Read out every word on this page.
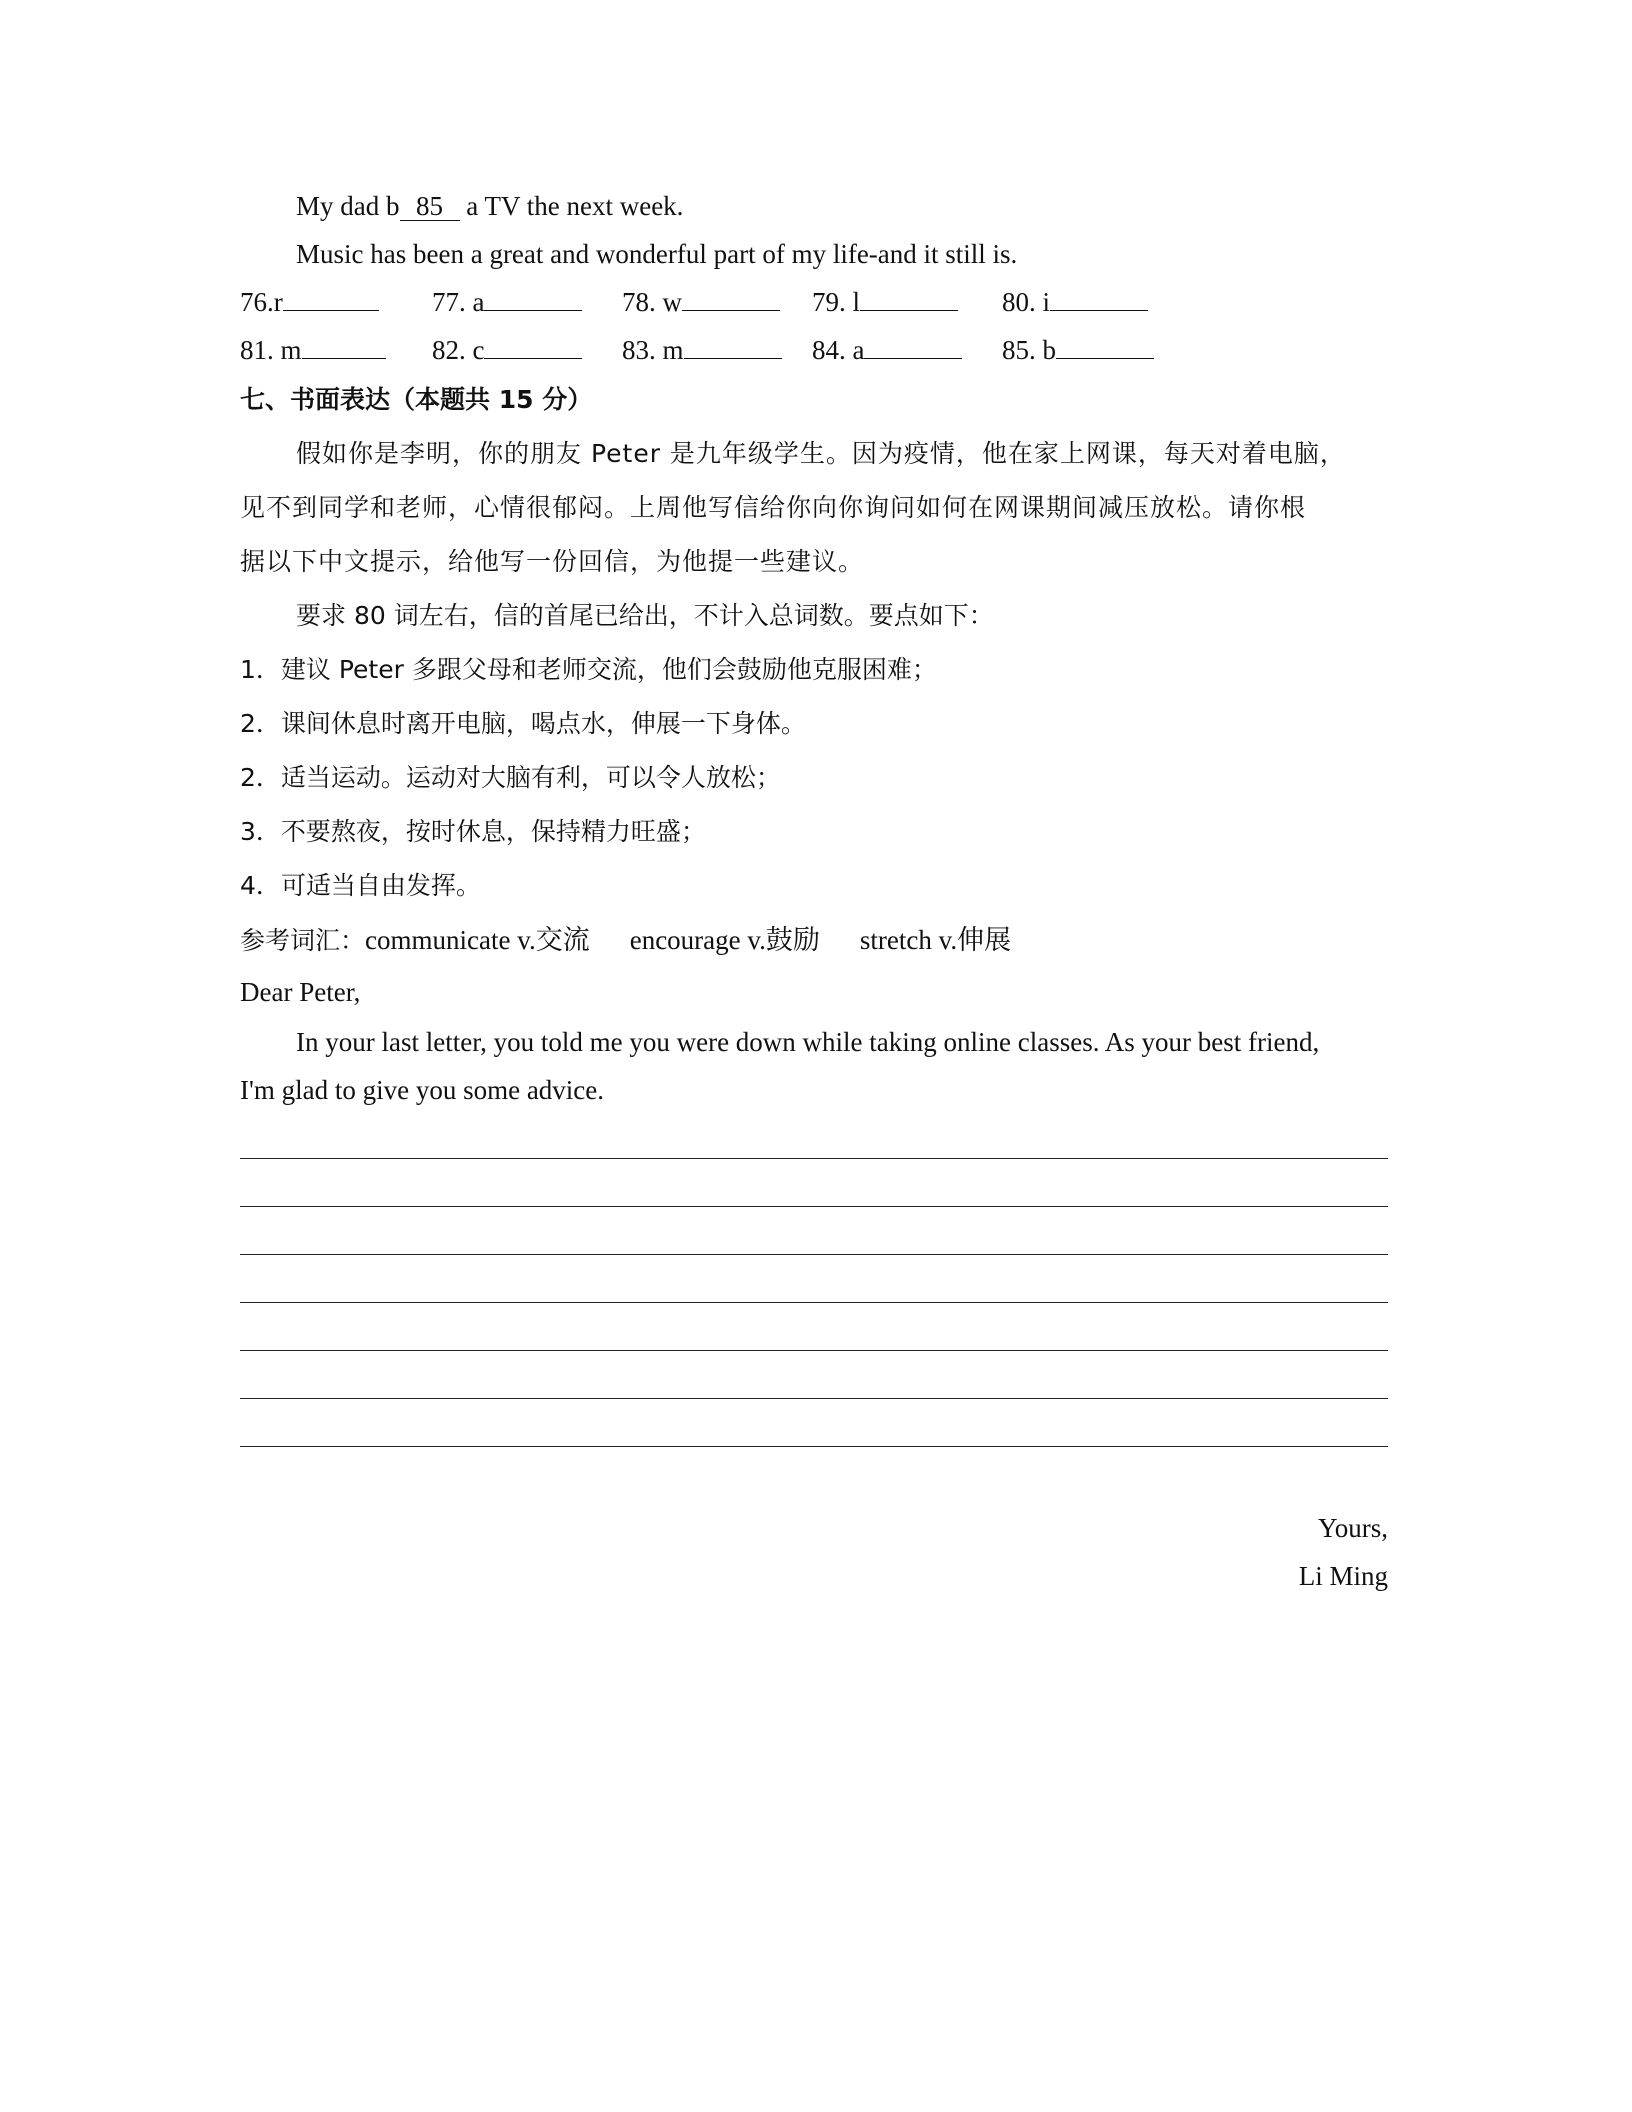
My dad b 85 a TV the next week.
Music has been a great and wonderful part of my life-and it still is.
76.r	77. a	78. w	79. l	80. i
81. m	82. c	83. m	84. a	85. b
七、书面表达（本题共 15 分）
假如你是李明，你的朋友 Peter 是九年级学生。因为疫情，他在家上网课，每天对着电脑，
见不到同学和老师，心情很郁闷。上周他写信给你向你询问如何在网课期间减压放松。请你根
据以下中文提示，给他写一份回信，为他提一些建议。
要求 80 词左右，信的首尾已给出，不计入总词数。要点如下：
1．建议 Peter 多跟父母和老师交流，他们会鼓励他克服困难；
2．课间休息时离开电脑，喝点水，伸展一下身体。
2．适当运动。运动对大脑有利，可以令人放松；
3．不要熬夜，按时休息，保持精力旺盛；
4．可适当自由发挥。
参考词汇：communicate v.交流 encourage v.鼓励 stretch v.伸展
Dear Peter,
In your last letter, you told me you were down while taking online classes. As your best friend,
I'm glad to give you some advice.
Yours,
Li Ming
